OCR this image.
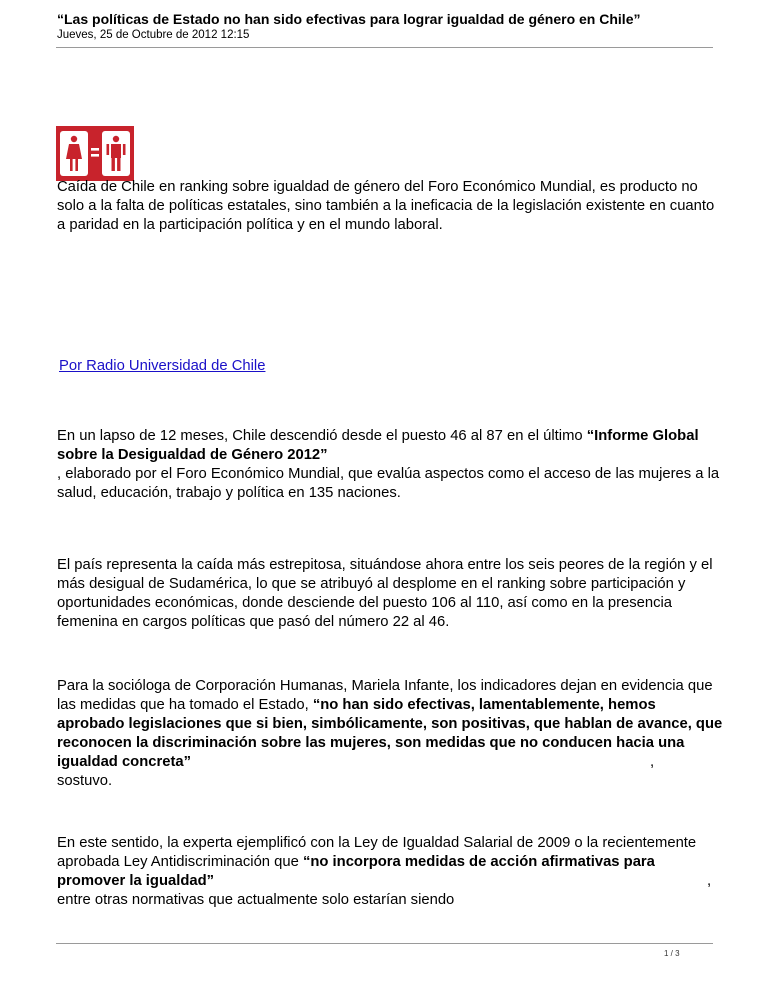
“Las políticas de Estado no han sido efectivas para lograr igualdad de género en Chile”
Jueves, 25 de Octubre de 2012 12:15
Caída de Chile en ranking sobre igualdad de género del Foro Económico Mundial, es producto no solo a la falta de políticas estatales, sino también a la ineficacia de la legislación existente en cuanto a paridad en la participación política y en el mundo laboral.
Por Radio Universidad de Chile
En un lapso de 12 meses, Chile descendió desde el puesto 46 al 87 en el último “Informe Global sobre la Desigualdad de Género 2012”
, elaborado por el Foro Económico Mundial, que evalúa aspectos como el acceso de las mujeres a la salud, educación, trabajo y política en 135 naciones.
El país representa la caída más estrepitosa, situándose ahora entre los seis peores de la región y el más desigual de Sudamérica, lo que se atribuyó al desplome en el ranking sobre participación y oportunidades económicas, donde desciende del puesto 106 al 110, así como en la presencia femenina en cargos políticas que pasó del número 22 al 46.
Para la socióloga de Corporación Humanas, Mariela Infante, los indicadores dejan en evidencia que las medidas que ha tomado el Estado, “no han sido efectivas, lamentablemente, hemos aprobado legislaciones que si bien, simbólicamente, son positivas, que hablan de avance, que reconocen la discriminación sobre las mujeres, son medidas que no conducen hacia una igualdad concreta”
sostuvo.
,
En este sentido, la experta ejemplificó con la Ley de Igualdad Salarial de 2009 o la recientemente aprobada Ley Antidiscriminación que “no incorpora medidas de acción afirmativas para promover la igualdad”
entre otras normativas que actualmente solo estarían siendo
,
1 / 3
